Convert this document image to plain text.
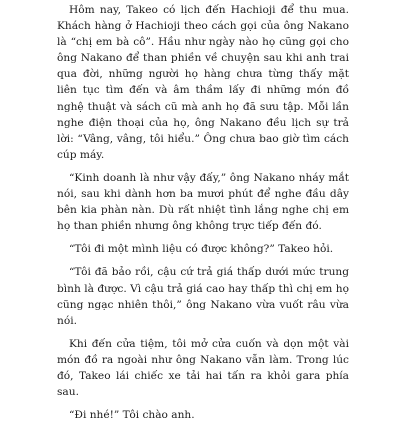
Hôm nay, Takeo có lịch đến Hachioji để thu mua. Khách hàng ở Hachioji theo cách gọi của ông Nakano là “chị em bà cô”. Hầu như ngày nào họ cũng gọi cho ông Nakano để than phiền về chuyện sau khi anh trai qua đời, những người họ hàng chưa từng thấy mặt liên tục tìm đến và âm thầm lấy đi những món đồ nghệ thuật và sách cũ mà anh họ đã sưu tập. Mỗi lần nghe điện thoại của họ, ông Nakano đều lịch sự trả lời: “Vâng, vâng, tôi hiểu.” Ông chưa bao giờ tìm cách cúp máy.

“Kinh doanh là như vậy đấy,” ông Nakano nháy mắt nói, sau khi dành hơn ba mươi phút để nghe đầu dây bên kia phàn nàn. Dù rất nhiệt tình lắng nghe chị em họ than phiền nhưng ông không trực tiếp đến đó.

“Tôi đi một mình liệu có được không?” Takeo hỏi.

“Tôi đã bảo rồi, cậu cứ trả giá thấp dưới mức trung bình là được. Vì cậu trả giá cao hay thấp thì chị em họ cũng ngạc nhiên thôi,” ông Nakano vừa vuốt râu vừa nói.

Khi đến cửa tiệm, tôi mở cửa cuốn và dọn một vài món đồ ra ngoài như ông Nakano vẫn làm. Trong lúc đó, Takeo lái chiếc xe tải hai tấn ra khỏi gara phía sau.

“Đi nhé!” Tôi chào anh.
